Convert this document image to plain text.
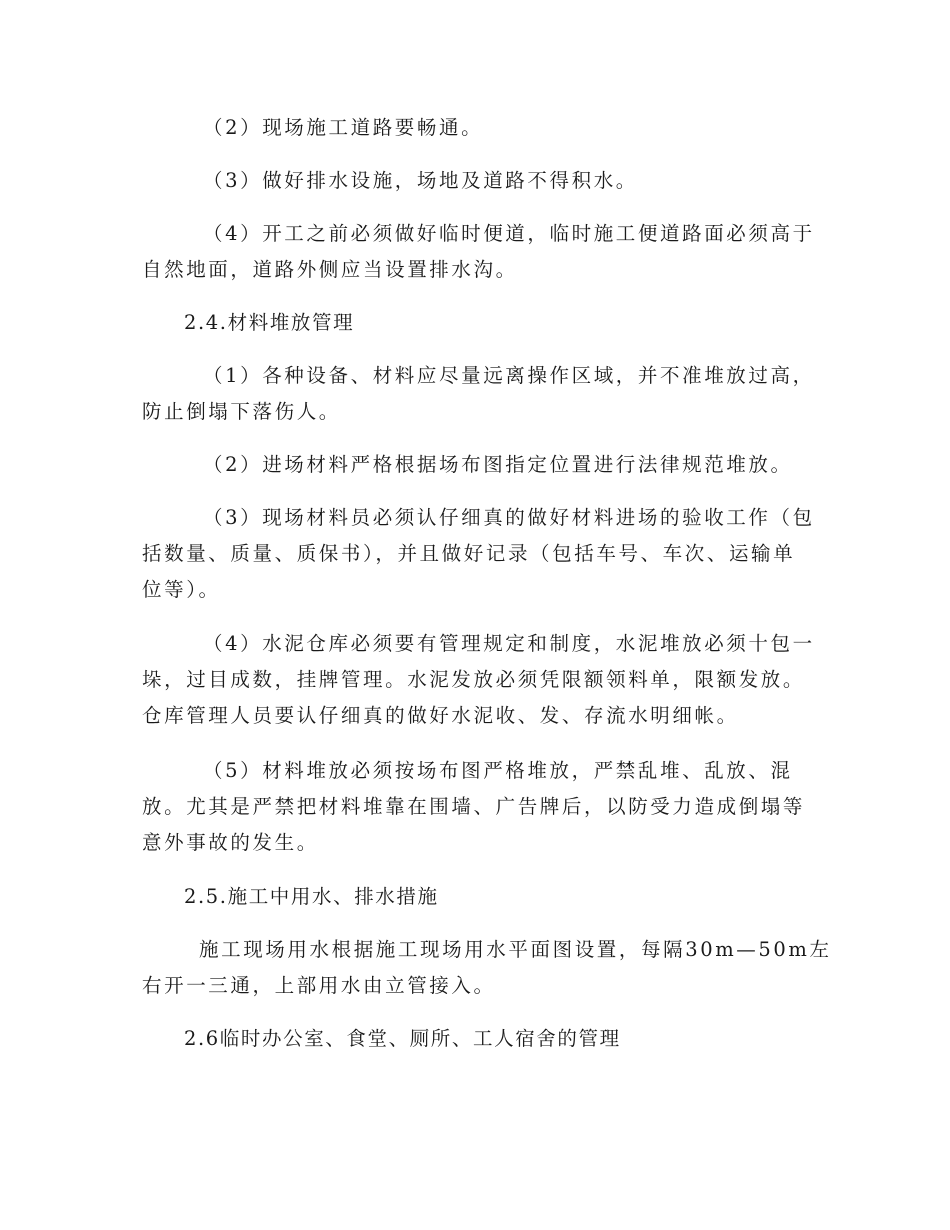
（2）现场施工道路要畅通。
（3）做好排水设施，场地及道路不得积水。
（4）开工之前必须做好临时便道，临时施工便道路面必须高于
自然地面，道路外侧应当设置排水沟。
2.4.材料堆放管理
（1）各种设备、材料应尽量远离操作区域，并不准堆放过高，
防止倒塌下落伤人。
（2）进场材料严格根据场布图指定位置进行法律规范堆放。
（3）现场材料员必须认仔细真的做好材料进场的验收工作（包
括数量、质量、质保书），并且做好记录（包括车号、车次、运输单
位等）。
（4）水泥仓库必须要有管理规定和制度，水泥堆放必须十包一
垛，过目成数，挂牌管理。水泥发放必须凭限额领料单，限额发放。
仓库管理人员要认仔细真的做好水泥收、发、存流水明细帐。
（5）材料堆放必须按场布图严格堆放，严禁乱堆、乱放、混
放。尤其是严禁把材料堆靠在围墙、广告牌后，以防受力造成倒塌等
意外事故的发生。
2.5.施工中用水、排水措施
施工现场用水根据施工现场用水平面图设置，每隔30m—50m左
右开一三通，上部用水由立管接入。
2.6临时办公室、食堂、厕所、工人宿舍的管理
